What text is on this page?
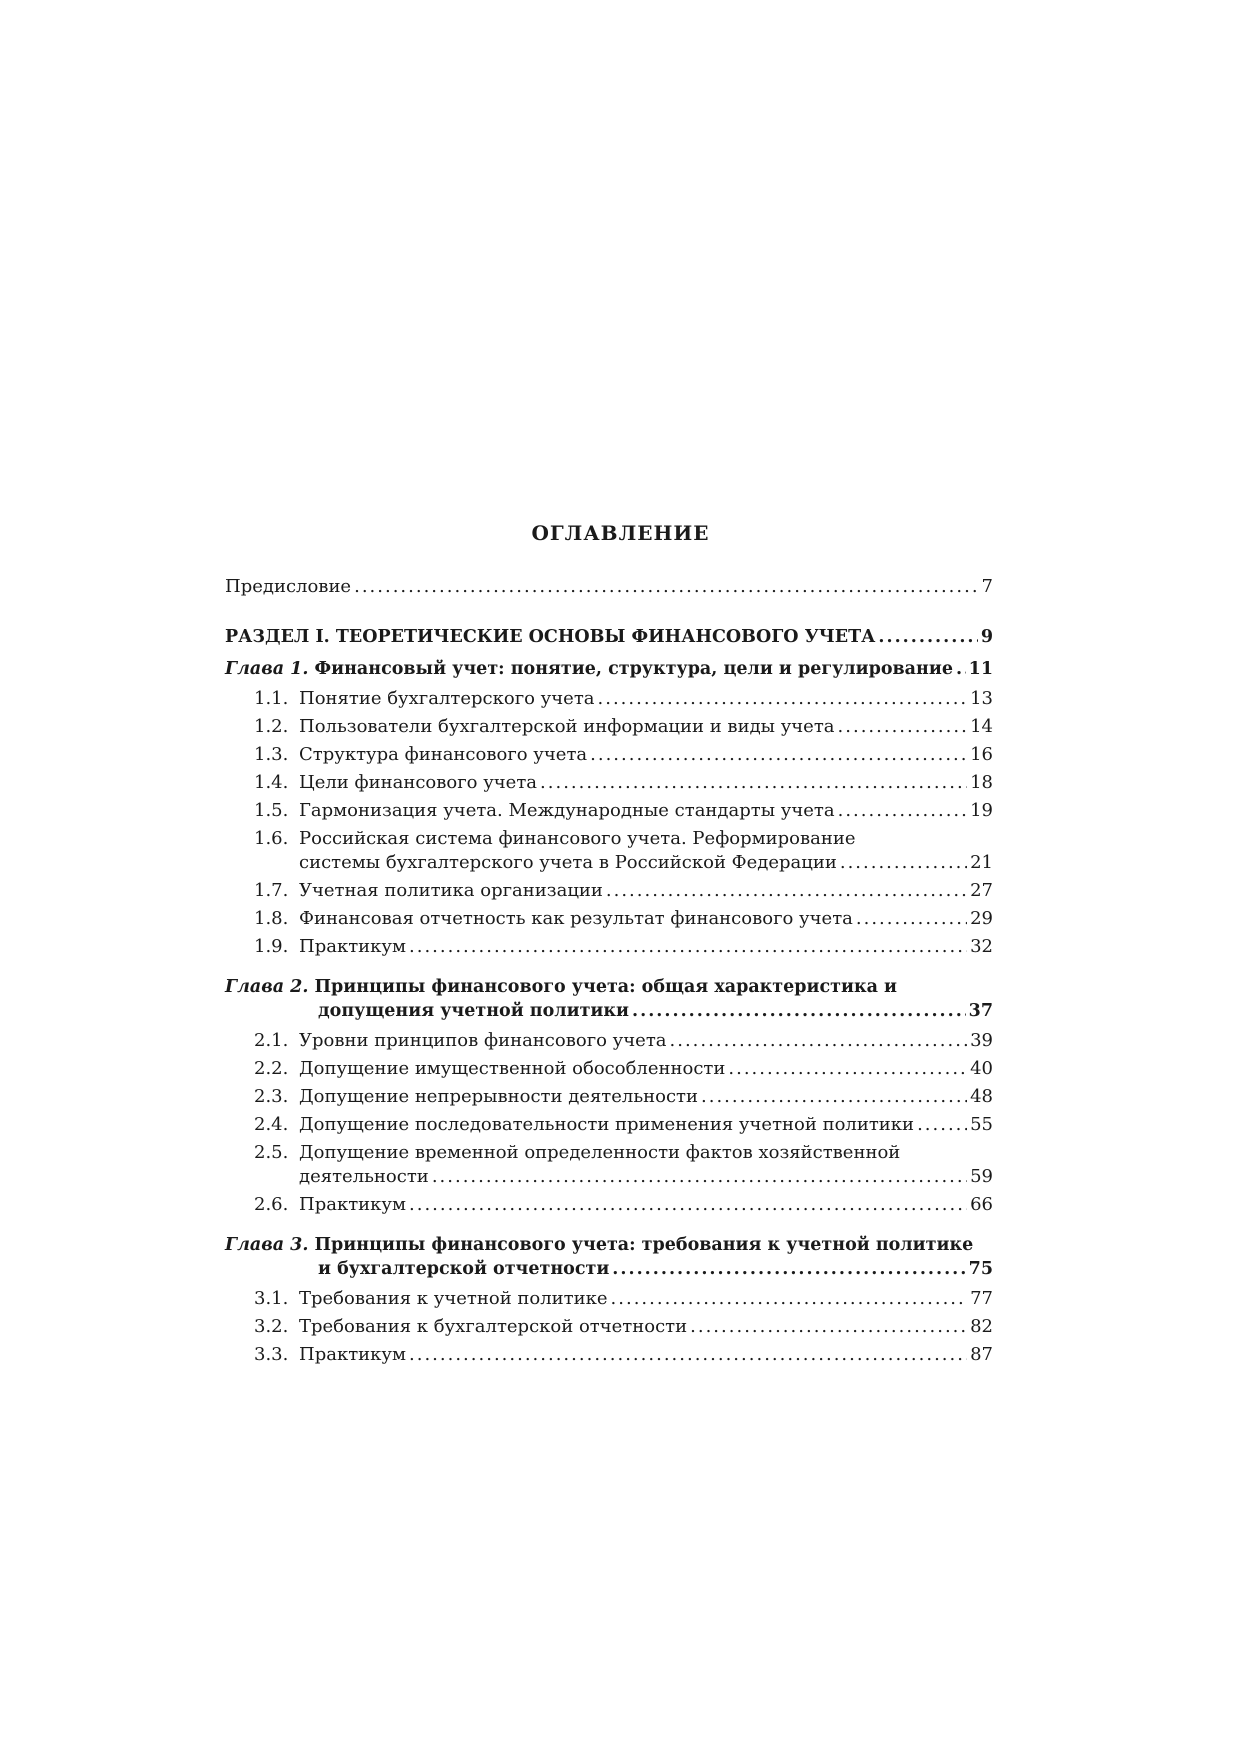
ОГЛАВЛЕНИЕ
Предисловие .....	7
РАЗДЕЛ I. ТЕОРЕТИЧЕСКИЕ ОСНОВЫ ФИНАНСОВОГО УЧЕТА .....	9
Глава 1. Финансовый учет: понятие, структура, цели и регулирование ..... 11
1.1. Понятие бухгалтерского учета .....	13
1.2. Пользователи бухгалтерской информации и виды учета .....	14
1.3. Структура финансового учета .....	16
1.4. Цели финансового учета .....	18
1.5. Гармонизация учета. Международные стандарты учета .....	19
1.6. Российская система финансового учета. Реформирование
системы бухгалтерского учета в Российской Федерации .....	21
1.7. Учетная политика организации .....	27
1.8. Финансовая отчетность как результат финансового учета .....	29
1.9. Практикум .....	32
Глава 2. Принципы финансового учета: общая характеристика и
допущения учетной политики .....	37
2.1. Уровни принципов финансового учета .....	39
2.2. Допущение имущественной обособленности .....	40
2.3. Допущение непрерывности деятельности .....	48
2.4. Допущение последовательности применения учетной политики .....	55
2.5. Допущение временной определенности фактов хозяйственной
деятельности .....	59
2.6. Практикум .....	66
Глава 3. Принципы финансового учета: требования к учетной политике
и бухгалтерской отчетности .....	75
3.1. Требования к учетной политике .....	77
3.2. Требования к бухгалтерской отчетности .....	82
3.3. Практикум .....	87
